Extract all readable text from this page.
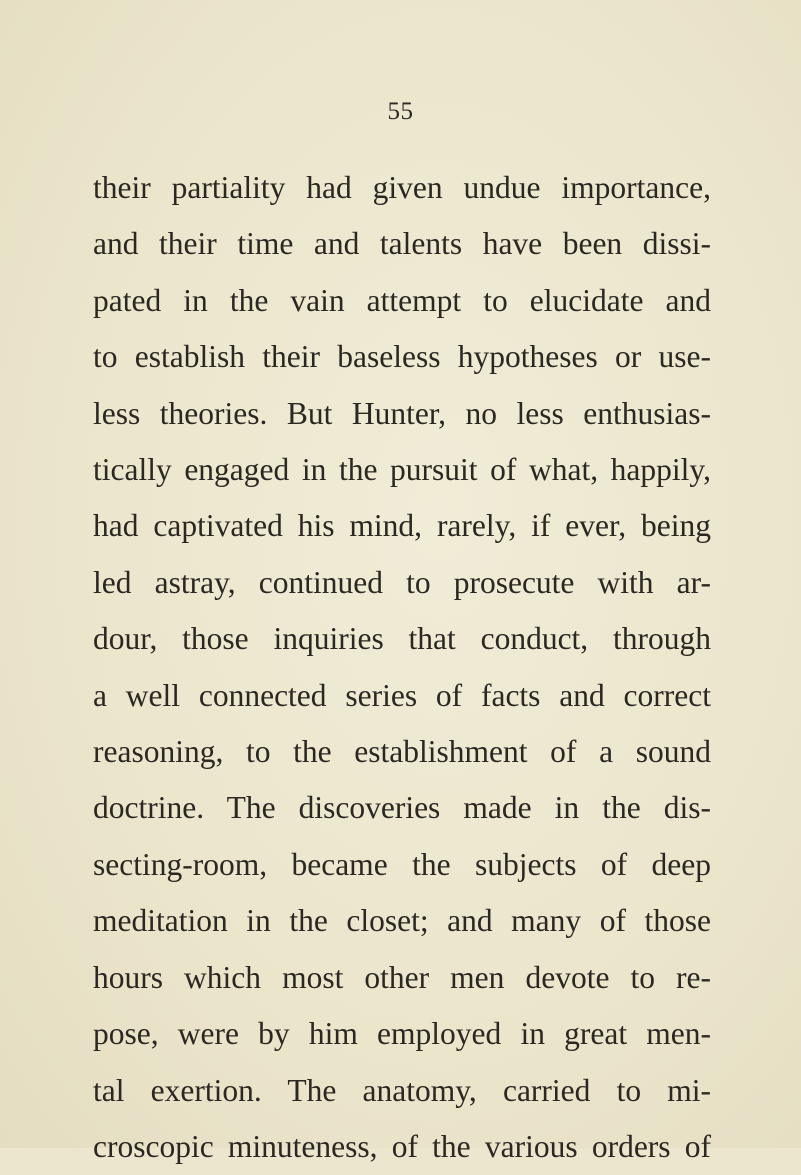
55
their partiality had given undue importance,
and their time and talents have been dissi-
pated in the vain attempt to elucidate and
to establish their baseless hypotheses or use-
less theories. But Hunter, no less enthusias-
tically engaged in the pursuit of what, happily,
had captivated his mind, rarely, if ever, being
led astray, continued to prosecute with ar-
dour, those inquiries that conduct, through
a well connected series of facts and correct
reasoning, to the establishment of a sound
doctrine. The discoveries made in the dis-
secting-room, became the subjects of deep
meditation in the closet; and many of those
hours which most other men devote to re-
pose, were by him employed in great men-
tal exertion. The anatomy, carried to mi-
croscopic minuteness, of the various orders of
